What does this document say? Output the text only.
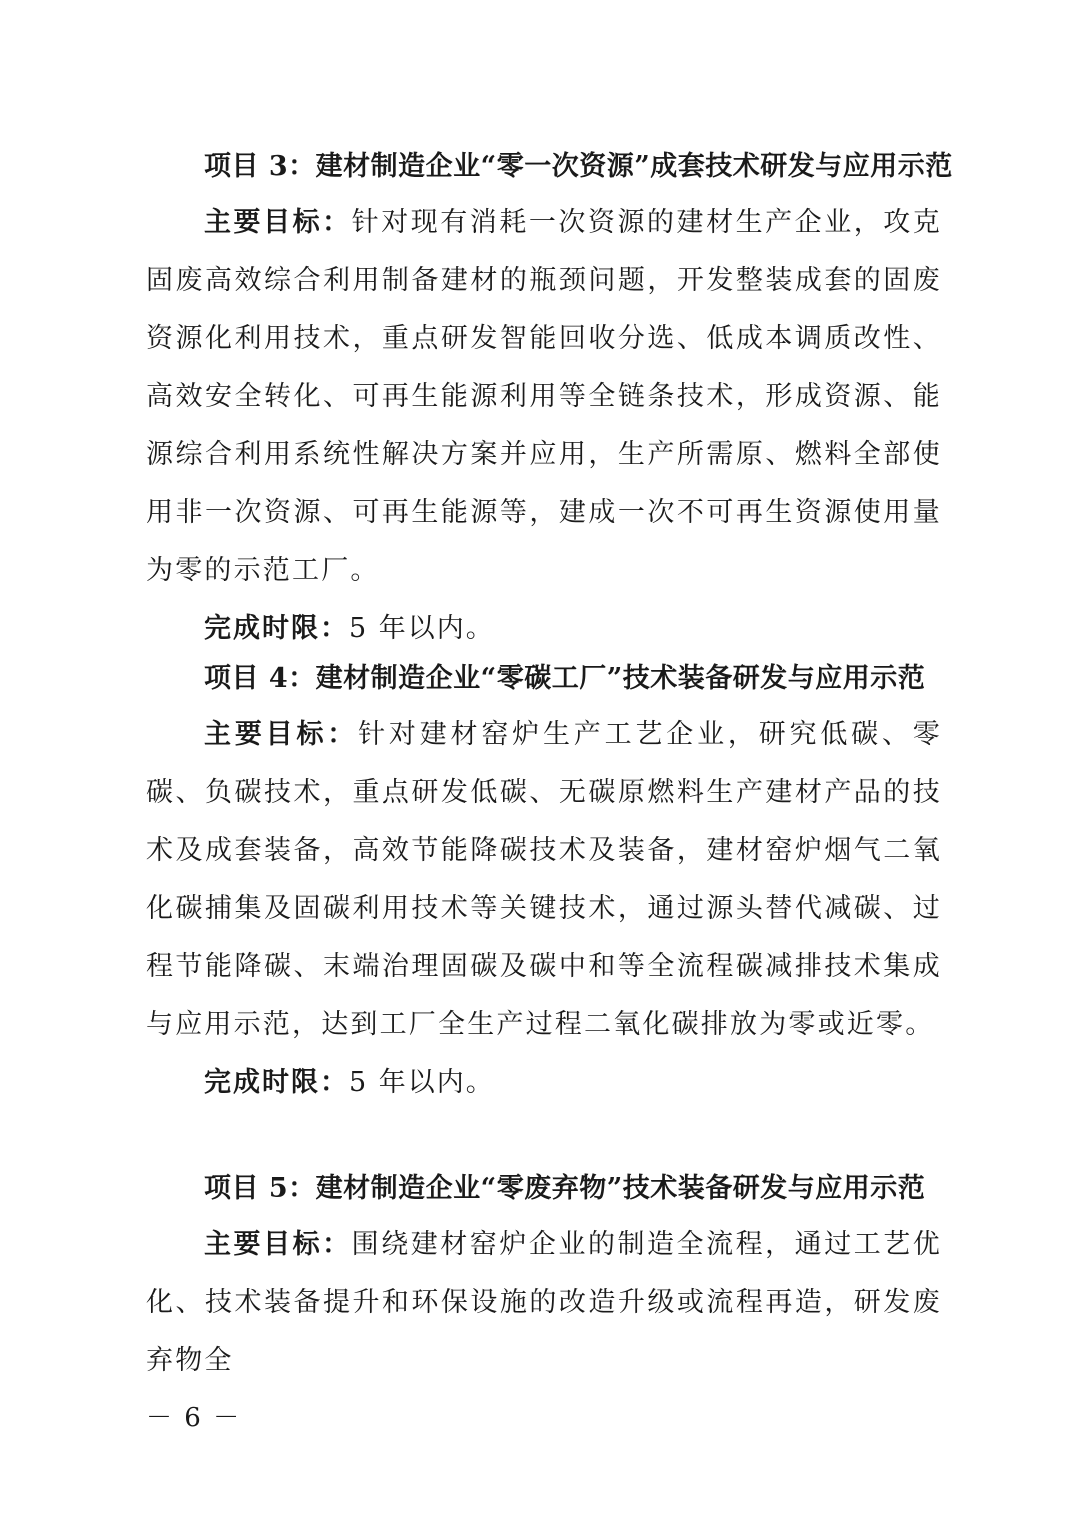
项目 3：建材制造企业“零一次资源”成套技术研发与应用示范
主要目标：针对现有消耗一次资源的建材生产企业，攻克固废高效综合利用制备建材的瓶颈问题，开发整装成套的固废资源化利用技术，重点研发智能回收分选、低成本调质改性、高效安全转化、可再生能源利用等全链条技术，形成资源、能源综合利用系统性解决方案并应用，生产所需原、燃料全部使用非一次资源、可再生能源等，建成一次不可再生资源使用量为零的示范工厂。
完成时限：5 年以内。
项目 4：建材制造企业“零碳工厂”技术装备研发与应用示范
主要目标：针对建材窑炉生产工艺企业，研究低碳、零碳、负碳技术，重点研发低碳、无碳原燃料生产建材产品的技术及成套装备，高效节能降碳技术及装备，建材窑炉烟气二氧化碳捕集及固碳利用技术等关键技术，通过源头替代减碳、过程节能降碳、末端治理固碳及碳中和等全流程碳减排技术集成与应用示范，达到工厂全生产过程二氧化碳排放为零或近零。
完成时限：5 年以内。
项目 5：建材制造企业“零废弃物”技术装备研发与应用示范
主要目标：围绕建材窑炉企业的制造全流程，通过工艺优化、技术装备提升和环保设施的改造升级或流程再造，研发废弃物全
－ 6 －
